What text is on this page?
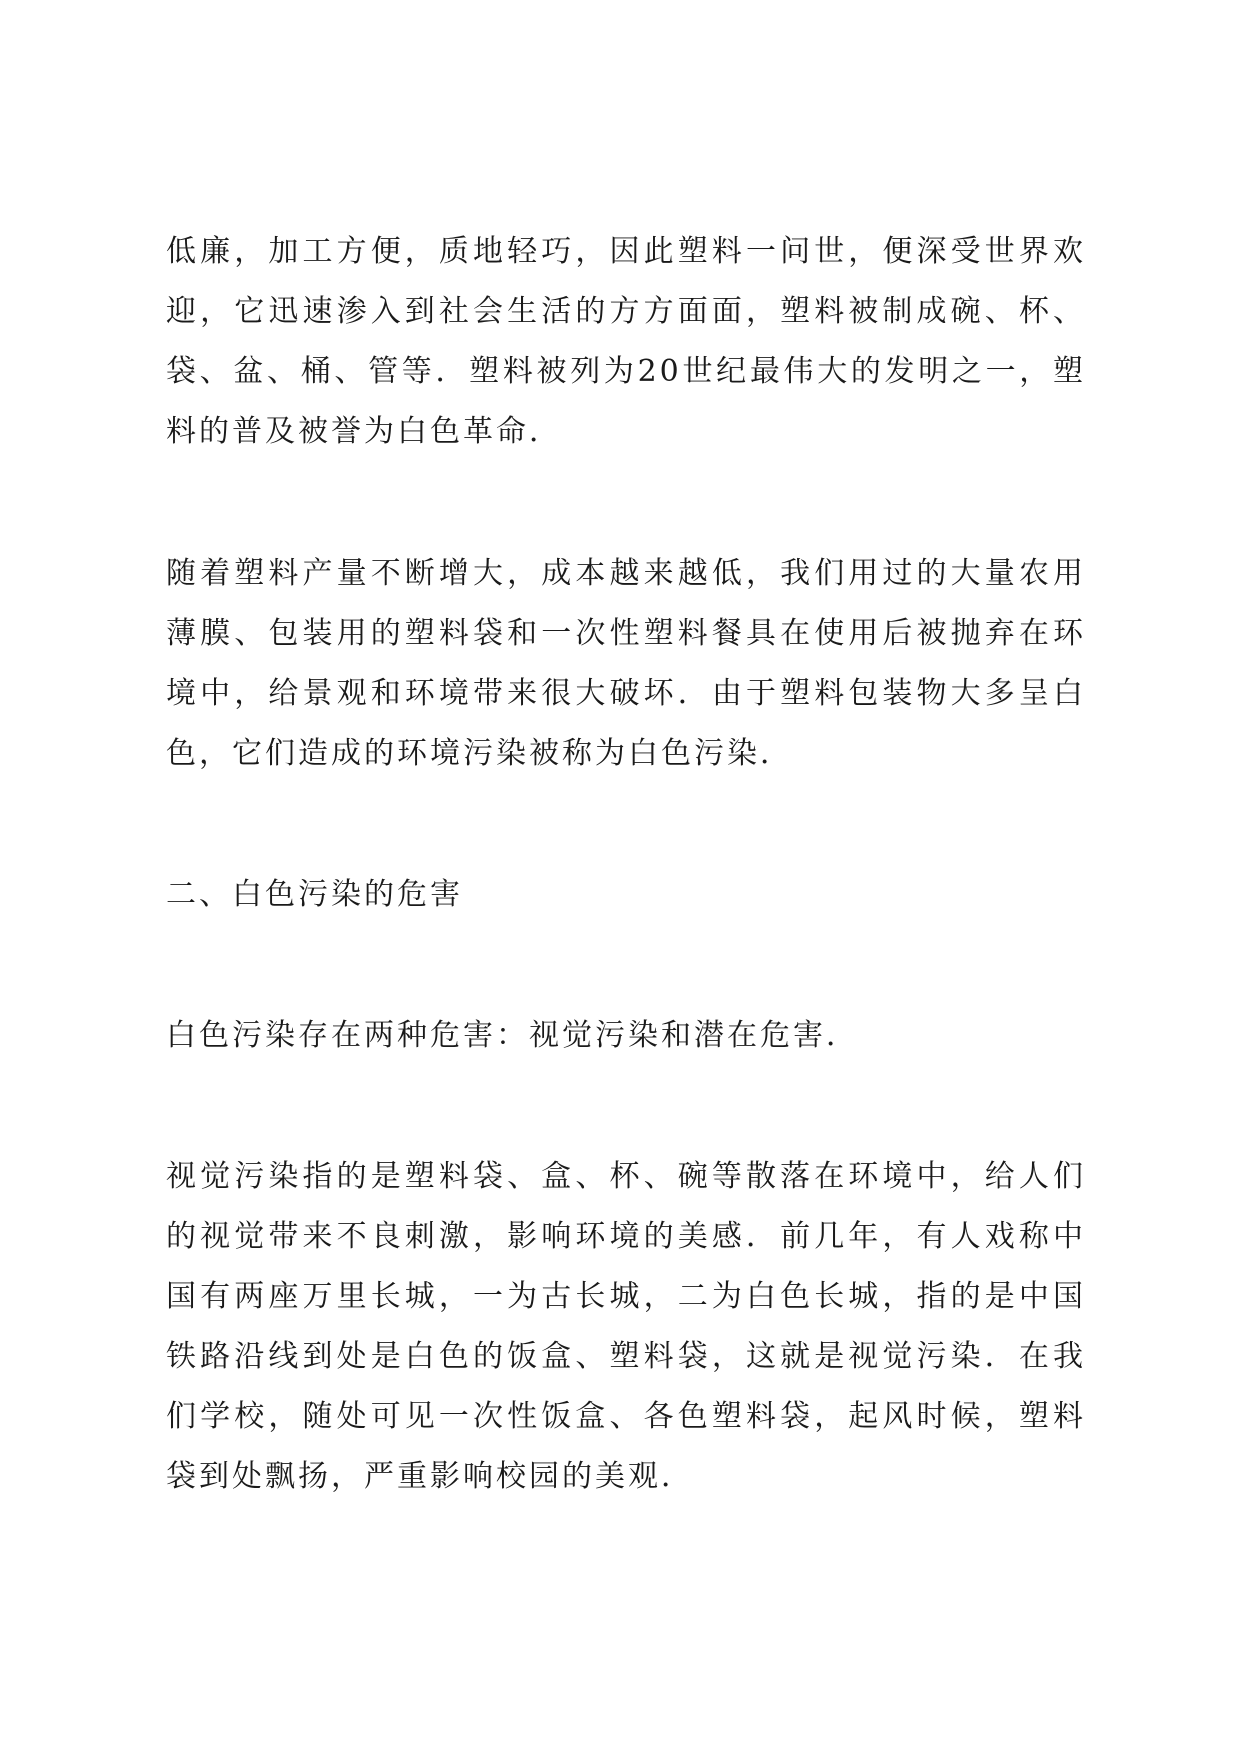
低廉，加工方便，质地轻巧，因此塑料一问世，便深受世界欢迎，它迅速渗入到社会生活的方方面面，塑料被制成碗、杯、袋、盆、桶、管等．塑料被列为20世纪最伟大的发明之一，塑料的普及被誉为白色革命．

随着塑料产量不断增大，成本越来越低，我们用过的大量农用薄膜、包装用的塑料袋和一次性塑料餐具在使用后被抛弃在环境中，给景观和环境带来很大破坏．由于塑料包装物大多呈白色，它们造成的环境污染被称为白色污染．

二、白色污染的危害

白色污染存在两种危害：视觉污染和潜在危害．

视觉污染指的是塑料袋、盒、杯、碗等散落在环境中，给人们的视觉带来不良刺激，影响环境的美感．前几年，有人戏称中国有两座万里长城，一为古长城，二为白色长城，指的是中国铁路沿线到处是白色的饭盒、塑料袋，这就是视觉污染．在我们学校，随处可见一次性饭盒、各色塑料袋，起风时候，塑料袋到处飘扬，严重影响校园的美观．
